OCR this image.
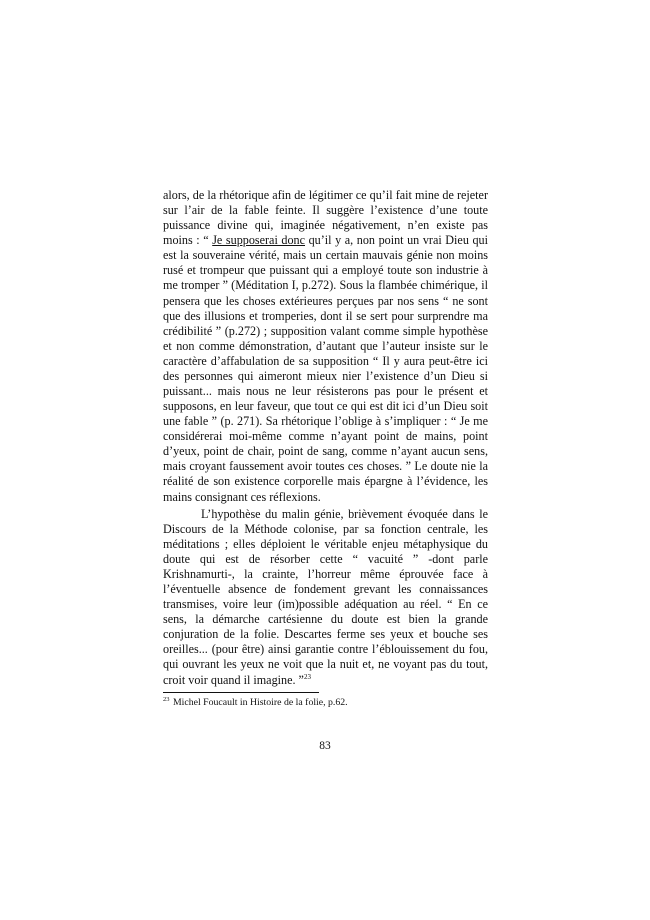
alors, de la rhétorique afin de légitimer ce qu’il fait mine de rejeter sur l’air de la fable feinte. Il suggère l’existence d’une toute puissance divine qui, imaginée négativement, n’en existe pas moins : “ Je supposerai donc qu’il y a, non point un vrai Dieu qui est la souveraine vérité, mais un certain mauvais génie non moins rusé et trompeur que puissant qui a employé toute son industrie à me tromper ” (Méditation I, p.272). Sous la flambée chimérique, il pensera que les choses extérieures perçues par nos sens “ ne sont que des illusions et tromperies, dont il se sert pour surprendre ma crédibilité ” (p.272) ; supposition valant comme simple hypothèse et non comme démonstration, d’autant que l’auteur insiste sur le caractère d’affabulation de sa supposition “ Il y aura peut-être ici des personnes qui aimeront mieux nier l’existence d’un Dieu si puissant... mais nous ne leur résisterons pas pour le présent et supposons, en leur faveur, que tout ce qui est dit ici d’un Dieu soit une fable ” (p. 271). Sa rhétorique l’oblige à s’impliquer : “ Je me considérerai moi-même comme n’ayant point de mains, point d’yeux, point de chair, point de sang, comme n’ayant aucun sens, mais croyant faussement avoir toutes ces choses. ” Le doute nie la réalité de son existence corporelle mais épargne à l’évidence, les mains consignant ces réflexions.

L’hypothèse du malin génie, brièvement évoquée dans le Discours de la Méthode colonise, par sa fonction centrale, les méditations ; elles déploient le véritable enjeu métaphysique du doute qui est de résorber cette “ vacuité ” -dont parle Krishnamurti-, la crainte, l’horreur même éprouvée face à l’éventuelle absence de fondement grevant les connaissances transmises, voire leur (im)possible adéquation au réel. “ En ce sens, la démarche cartésienne du doute est bien la grande conjuration de la folie. Descartes ferme ses yeux et bouche ses oreilles... (pour être) ainsi garantie contre l’éblouissement du fou, qui ouvrant les yeux ne voit que la nuit et, ne voyant pas du tout, croit voir quand il imagine. ”$^{23}$

$^{23}$ Michel Foucault in Histoire de la folie, p.62.
83
